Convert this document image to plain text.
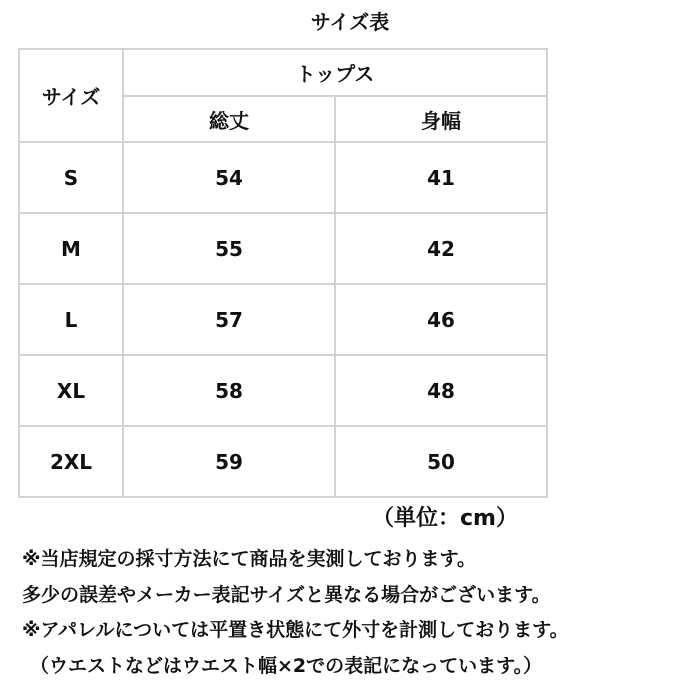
サイズ表
サイズ	トップス	
	総丈	身幅
S	54	41
M	55	42
L	57	46
XL	58	48
2XL	59	50
（単位：cm）
※当店規定の採寸方法にて商品を実測しております。
多少の誤差やメーカー表記サイズと異なる場合がございます。
※アパレルについては平置き状態にて外寸を計測しております。
（ウエストなどはウエスト幅×2での表記になっています。）
